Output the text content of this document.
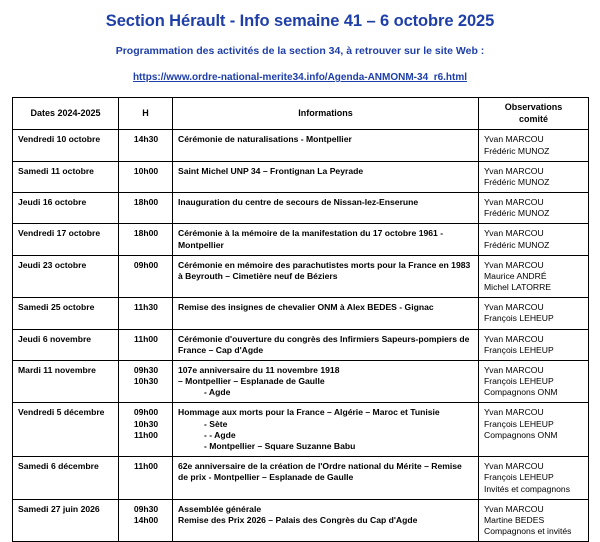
Section Hérault - Info semaine 41 – 6 octobre 2025
Programmation des activités de la section 34, à retrouver sur le site Web :
https://www.ordre-national-merite34.info/Agenda-ANMONM-34_r6.html
Dates 2024-2025	H	Informations	Observations
comité
Vendredi 10 octobre	14h30	Cérémonie de naturalisations - Montpellier	Yvan MARCOU
Frédéric MUNOZ

Samedi 11 octobre	10h00	Saint Michel UNP 34 – Frontignan La Peyrade	Yvan MARCOU
Frédéric MUNOZ

Jeudi 16 octobre	18h00	Inauguration du centre de secours de Nissan-lez-Enserune	Yvan MARCOU
Frédéric MUNOZ

Vendredi 17 octobre	18h00	Cérémonie à la mémoire de la manifestation du 17 octobre 1961 -
Montpellier	Yvan MARCOU
Frédéric MUNOZ

Jeudi 23 octobre	09h00	Cérémonie en mémoire des parachutistes morts pour la France en 1983
à Beyrouth – Cimetière neuf de Béziers	Yvan MARCOU
Maurice ANDRÉ
Michel LATORRE

Samedi 25 octobre	11h30	Remise des insignes de chevalier ONM à Alex BEDES - Gignac	Yvan MARCOU
François LEHEUP

Jeudi 6 novembre	11h00	Cérémonie d'ouverture du congrès des Infirmiers Sapeurs-pompiers de
France – Cap d'Agde	Yvan MARCOU
François LEHEUP

Mardi 11 novembre	09h30
10h30	107e anniversaire du 11 novembre 1918
– Montpellier – Esplanade de Gaulle
- Agde	Yvan MARCOU
François LEHEUP
Compagnons ONM

Vendredi 5 décembre	09h00
10h30
11h00	Hommage aux morts pour la France – Algérie – Maroc et Tunisie
- Sète
- - Agde
- Montpellier – Square Suzanne Babu	Yvan MARCOU
François LEHEUP
Compagnons ONM

Samedi 6 décembre	11h00	62e anniversaire de la création de l'Ordre national du Mérite – Remise
de prix - Montpellier – Esplanade de Gaulle	Yvan MARCOU
François LEHEUP
Invités et compagnons

Samedi 27 juin 2026	09h30
14h00	Assemblée générale
Remise des Prix 2026 – Palais des Congrès du Cap d'Agde	Yvan MARCOU
Martine BEDES
Compagnons et invités
